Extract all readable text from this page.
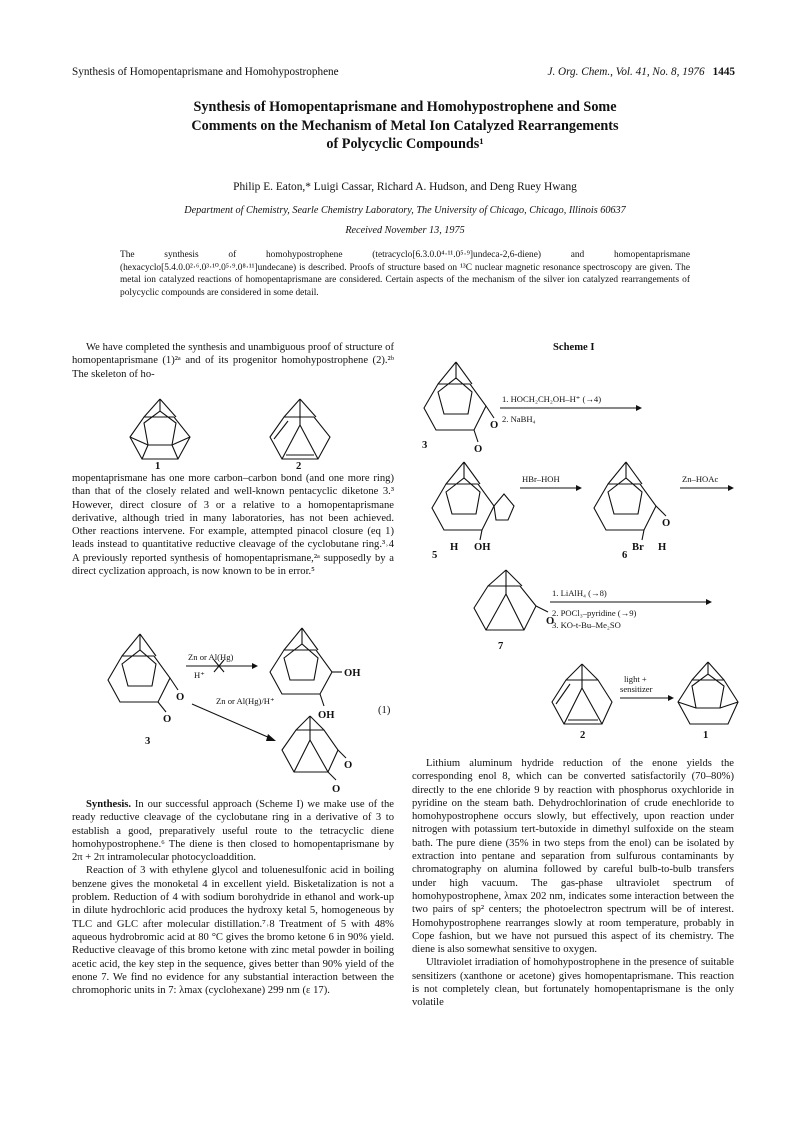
Synthesis of Homopentaprismane and Homohypostrophene	J. Org. Chem., Vol. 41, No. 8, 1976 1445
Synthesis of Homopentaprismane and Homohypostrophene and Some
Comments on the Mechanism of Metal Ion Catalyzed Rearrangements
of Polycyclic Compounds¹
Philip E. Eaton,* Luigi Cassar, Richard A. Hudson, and Deng Ruey Hwang
Department of Chemistry, Searle Chemistry Laboratory, The University of Chicago, Chicago, Illinois 60637
Received November 13, 1975
The synthesis of homohypostrophene (tetracyclo[6.3.0.0⁴·¹¹.0⁵·⁹]undeca-2,6-diene) and homopentaprismane (hexacyclo[5.4.0.0²·⁶.0³·¹⁰.0⁵·⁹.0⁸·¹¹]undecane) is described. Proofs of structure based on ¹³C nuclear magnetic resonance spectroscopy are given. The metal ion catalyzed reactions of homopentaprismane are considered. Certain aspects of the mechanism of the silver ion catalyzed rearrangements of polycyclic compounds are considered in some detail.

We have completed the synthesis and unambiguous proof of structure of homopentaprismane (1)²ᵃ and of its progenitor homohypostrophene (2).²ᵇ The skeleton of ho-

1	2

mopentaprismane has one more carbon–carbon bond (and one more ring) than that of the closely related and well-known pentacyclic diketone 3.³ However, direct closure of 3 or a relative to a homopentaprismane derivative, although tried in many laboratories, has not been achieved. Other reactions intervene. For example, attempted pinacol closure (eq 1) leads instead to quantitative reductive cleavage of the cyclobutane ring.³˒4 A previously reported synthesis of homopentaprismane,²ᵃ supposedly by a direct cyclization approach, is now known to be in error.⁵

O
O
Zn or Al(Hg)
H⁺	OH
OH
Zn or Al(Hg)/H⁺
O
O
3
(1)

Synthesis. In our successful approach (Scheme I) we make use of the ready reductive cleavage of the cyclobutane ring in a derivative of 3 to establish a good, preparatively useful route to the tetracyclic diene homohypostrophene.⁶ The diene is then closed to homopentaprismane by 2π + 2π intramolecular photocycloaddition.

Reaction of 3 with ethylene glycol and toluenesulfonic acid in boiling benzene gives the monoketal 4 in excellent yield. Bisketalization is not a problem. Reduction of 4 with sodium borohydride in ethanol and work-up in dilute hydrochloric acid produces the hydroxy ketal 5, homogeneous by TLC and GLC after molecular distillation.⁷˒8 Treatment of 5 with 48% aqueous hydrobromic acid at 80 °C gives the bromo ketone 6 in 90% yield. Reductive cleavage of this bromo ketone with zinc metal powder in boiling acetic acid, the key step in the sequence, gives better than 90% yield of the enone 7. We find no evidence for any substantial interaction between the chromophoric units in 7: λmax (cyclohexane) 299 nm (ε 17).

Scheme I
O
O
1. HOCH₂CH₂OH–H⁺ (→4)
2. NaBH₄
H OH
HBr–HOH
O
Br H
Zn–HOAc
O
1. LiAlH₄ (→8)
2. POCl₃–pyridine (→9)
3. KO-t-Bu–Me₂SO
light +
sensitizer
3
5	6
7
2	1

Lithium aluminum hydride reduction of the enone yields the corresponding enol 8, which can be converted satisfactorily (70–80%) directly to the ene chloride 9 by reaction with phosphorus oxychloride in pyridine on the steam bath. Dehydrochlorination of crude enechloride to homohypostrophene occurs slowly, but effectively, upon reaction under nitrogen with potassium tert-butoxide in dimethyl sulfoxide on the steam bath. The pure diene (35% in two steps from the enol) can be isolated by extraction into pentane and separation from sulfurous contaminants by chromatography on alumina followed by careful bulb-to-bulb transfers under high vacuum. The gas-phase ultraviolet spectrum of homohypostrophene, λmax 202 nm, indicates some interaction between the two pairs of sp² centers; the photoelectron spectrum will be of interest. Homohypostrophene rearranges slowly at room temperature, probably in Cope fashion, but we have not pursued this aspect of its chemistry. The diene is also somewhat sensitive to oxygen.

Ultraviolet irradiation of homohypostrophene in the presence of suitable sensitizers (xanthone or acetone) gives homopentaprismane. This reaction is not completely clean, but fortunately homopentaprismane is the only volatile
